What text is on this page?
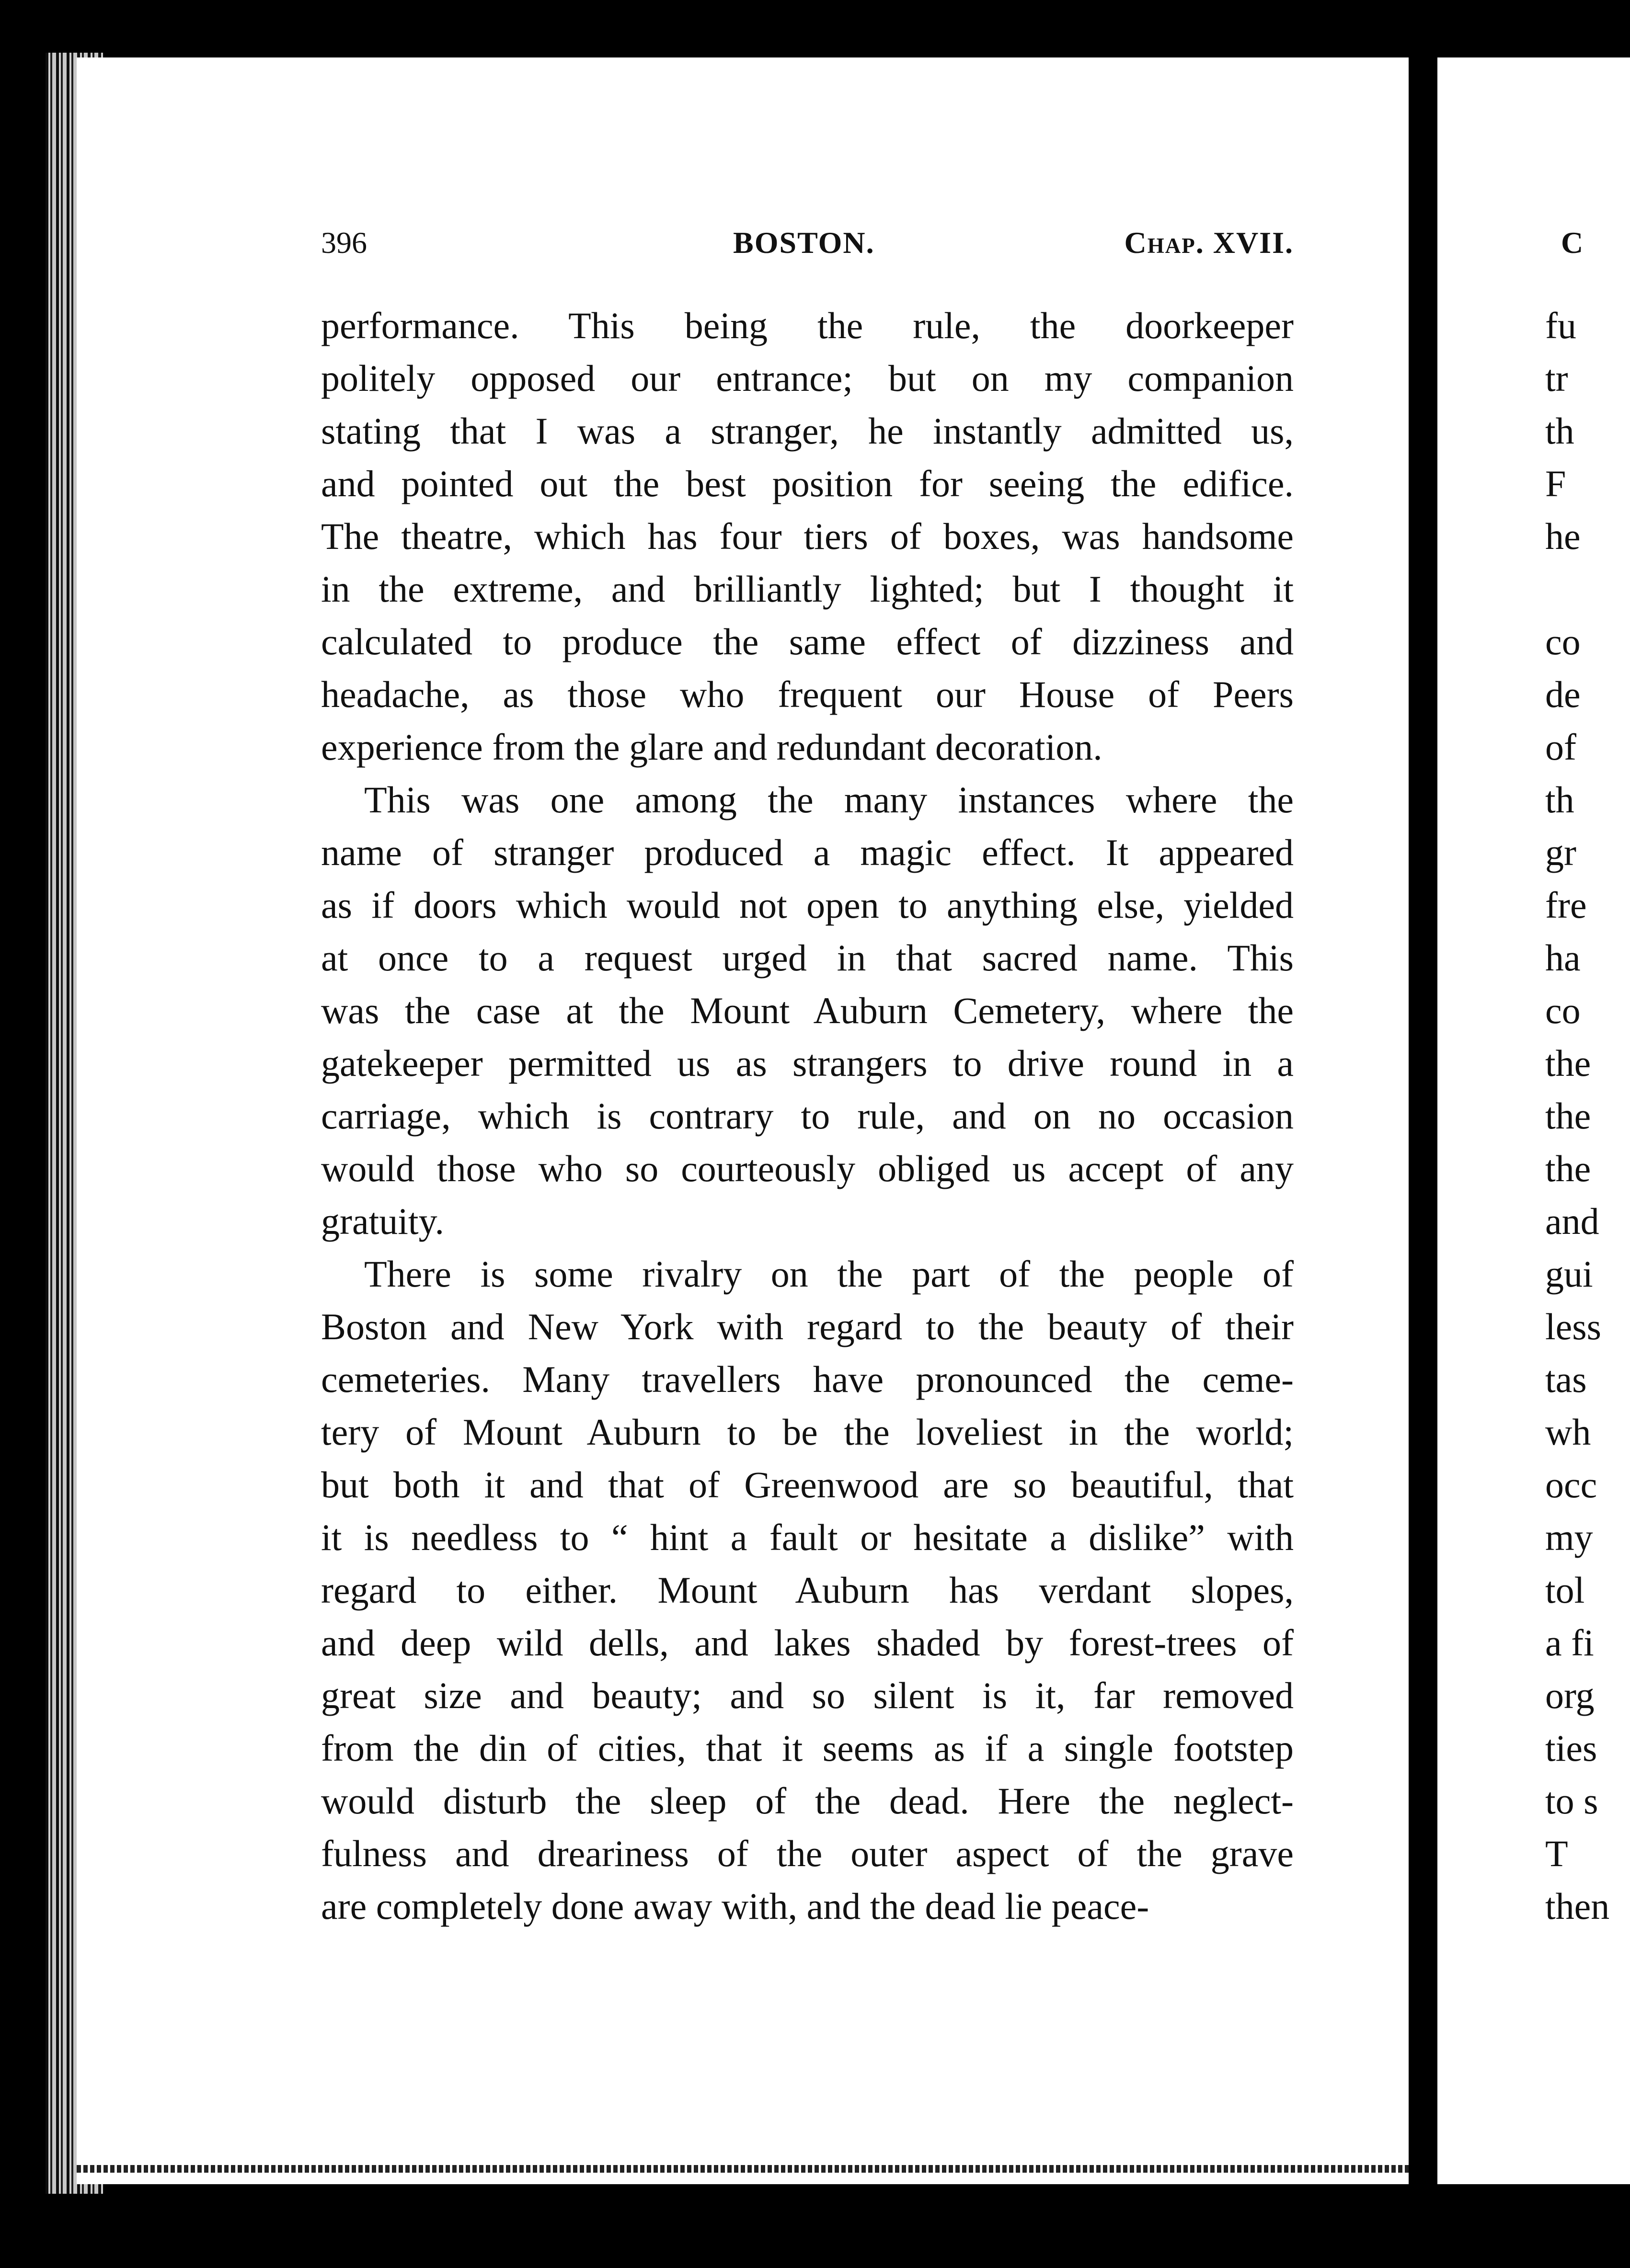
396	BOSTON.	Chap. XVII.
performance. This being the rule, the doorkeeper
politely opposed our entrance; but on my companion
stating that I was a stranger, he instantly admitted us,
and pointed out the best position for seeing the edifice.
The theatre, which has four tiers of boxes, was handsome
in the extreme, and brilliantly lighted; but I thought it
calculated to produce the same effect of dizziness and
headache, as those who frequent our House of Peers
experience from the glare and redundant decoration.
This was one among the many instances where the
name of stranger produced a magic effect. It appeared
as if doors which would not open to anything else, yielded
at once to a request urged in that sacred name. This
was the case at the Mount Auburn Cemetery, where the
gatekeeper permitted us as strangers to drive round in a
carriage, which is contrary to rule, and on no occasion
would those who so courteously obliged us accept of any
gratuity.
There is some rivalry on the part of the people of
Boston and New York with regard to the beauty of their
cemeteries. Many travellers have pronounced the ceme-
tery of Mount Auburn to be the loveliest in the world;
but both it and that of Greenwood are so beautiful, that
it is needless to “ hint a fault or hesitate a dislike” with
regard to either. Mount Auburn has verdant slopes,
and deep wild dells, and lakes shaded by forest-trees of
great size and beauty; and so silent is it, far removed
from the din of cities, that it seems as if a single footstep
would disturb the sleep of the dead. Here the neglect-
fulness and dreariness of the outer aspect of the grave
are completely done away with, and the dead lie peace-
C
fu
tr
th
F
he
co
de
of
th
gr
fre
ha
co
the
the
the
and
gui
less
tas
wh
occ
my
tol
a fi
org
ties
to s
T
then
